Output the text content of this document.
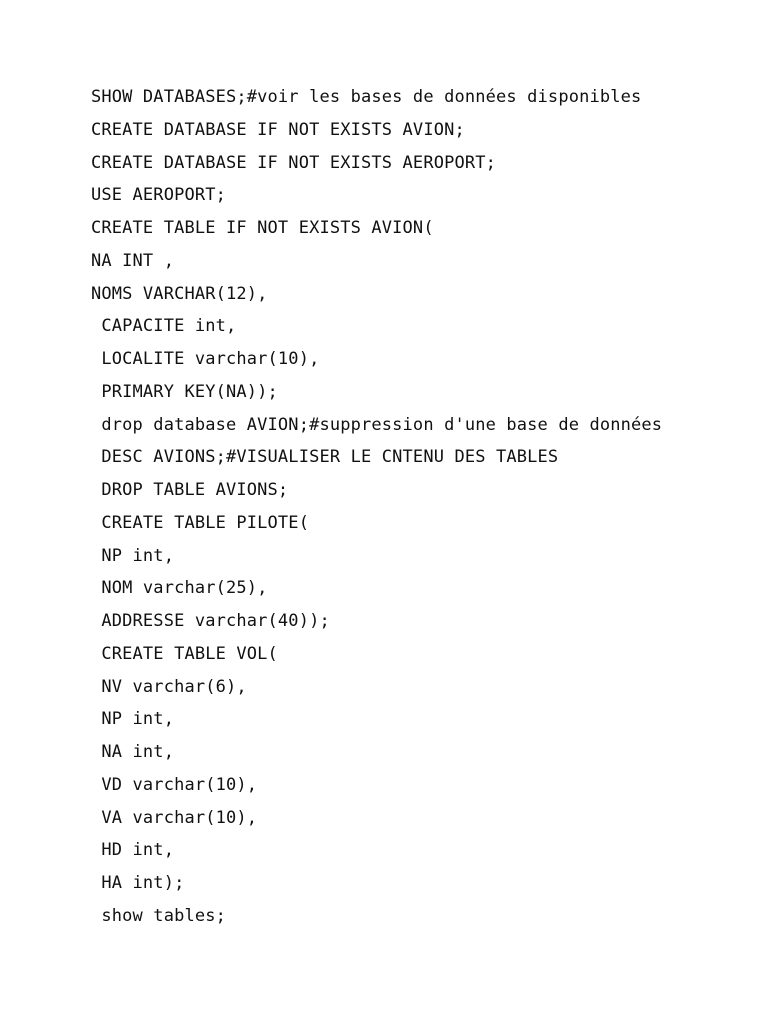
SHOW DATABASES;#voir les bases de données disponibles
CREATE DATABASE IF NOT EXISTS AVION;
CREATE DATABASE IF NOT EXISTS AEROPORT;
USE AEROPORT;
CREATE TABLE IF NOT EXISTS AVION(
NA INT ,
NOMS VARCHAR(12),
CAPACITE int,
LOCALITE varchar(10),
PRIMARY KEY(NA));
drop database AVION;#suppression d'une base de données
DESC AVIONS;#VISUALISER LE CNTENU DES TABLES
DROP TABLE AVIONS;
CREATE TABLE PILOTE(
NP int,
NOM varchar(25),
ADDRESSE varchar(40));
CREATE TABLE VOL(
NV varchar(6),
NP int,
NA int,
VD varchar(10),
VA varchar(10),
HD int,
HA int);
show tables;
